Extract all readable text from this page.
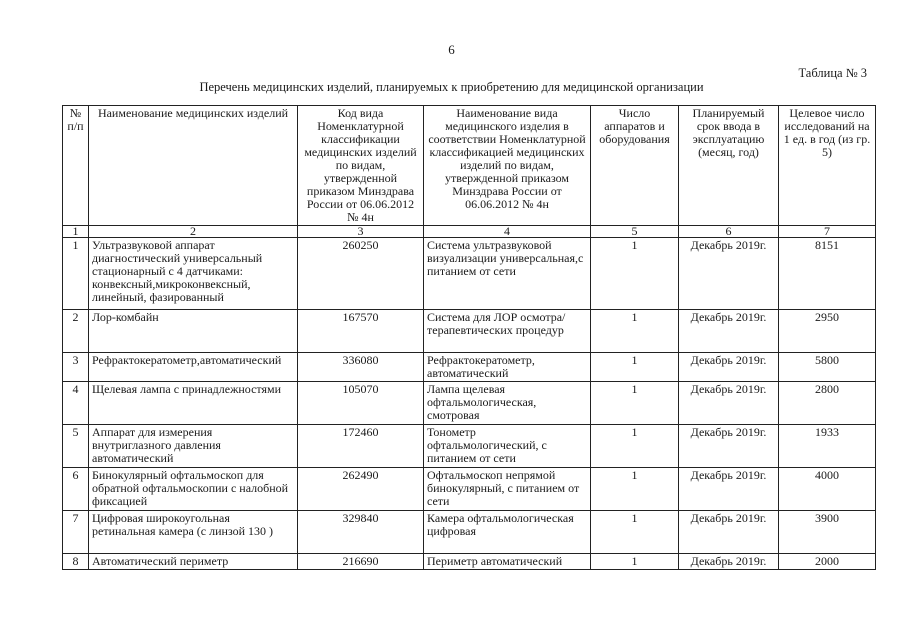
6
Таблица № 3
Перечень медицинских изделий, планируемых к приобретению для медицинской организации
№ п/п	Наименование медицинских изделий	Код вида Номенклатурной классификации медицинских изделий по видам, утвержденной приказом Минздрава России от 06.06.2012 № 4н	Наименование вида медицинского изделия в соответствии Номенклатурной классификацией медицинских изделий по видам, утвержденной приказом Минздрава России от 06.06.2012 № 4н	Число аппаратов и оборудования	Планируемый срок ввода в эксплуатацию (месяц, год)	Целевое число исследований на 1 ед. в год (из гр. 5)
1	2	3	4	5	6	7
1	Ультразвуковой аппарат диагностический универсальный стационарный с 4 датчиками: конвексный,микроконвексный, линейный, фазированный	260250	Система ультразвуковой визуализации универсальная,с питанием от сети	1	Декабрь 2019г.	8151
2	Лор-комбайн	167570	Система для ЛОР осмотра/терапевтических процедур	1	Декабрь 2019г.	2950
3	Рефрактокератометр,автоматический	336080	Рефрактокератометр, автоматический	1	Декабрь 2019г.	5800
4	Щелевая лампа с принадлежностями	105070	Лампа щелевая офтальмологическая, смотровая	1	Декабрь 2019г.	2800
5	Аппарат для измерения внутриглазного давления автоматический	172460	Тонометр офтальмологический, с питанием от сети	1	Декабрь 2019г.	1933
6	Бинокулярный офтальмоскоп для обратной офтальмоскопии с налобной фиксацией	262490	Офтальмоскоп непрямой бинокулярный, с питанием от сети	1	Декабрь 2019г.	4000
7	Цифровая широкоугольная ретинальная камера (с линзой 130 )	329840	Камера офтальмологическая цифровая	1	Декабрь 2019г.	3900
8	Автоматический периметр	216690	Периметр автоматический	1	Декабрь 2019г.	2000
